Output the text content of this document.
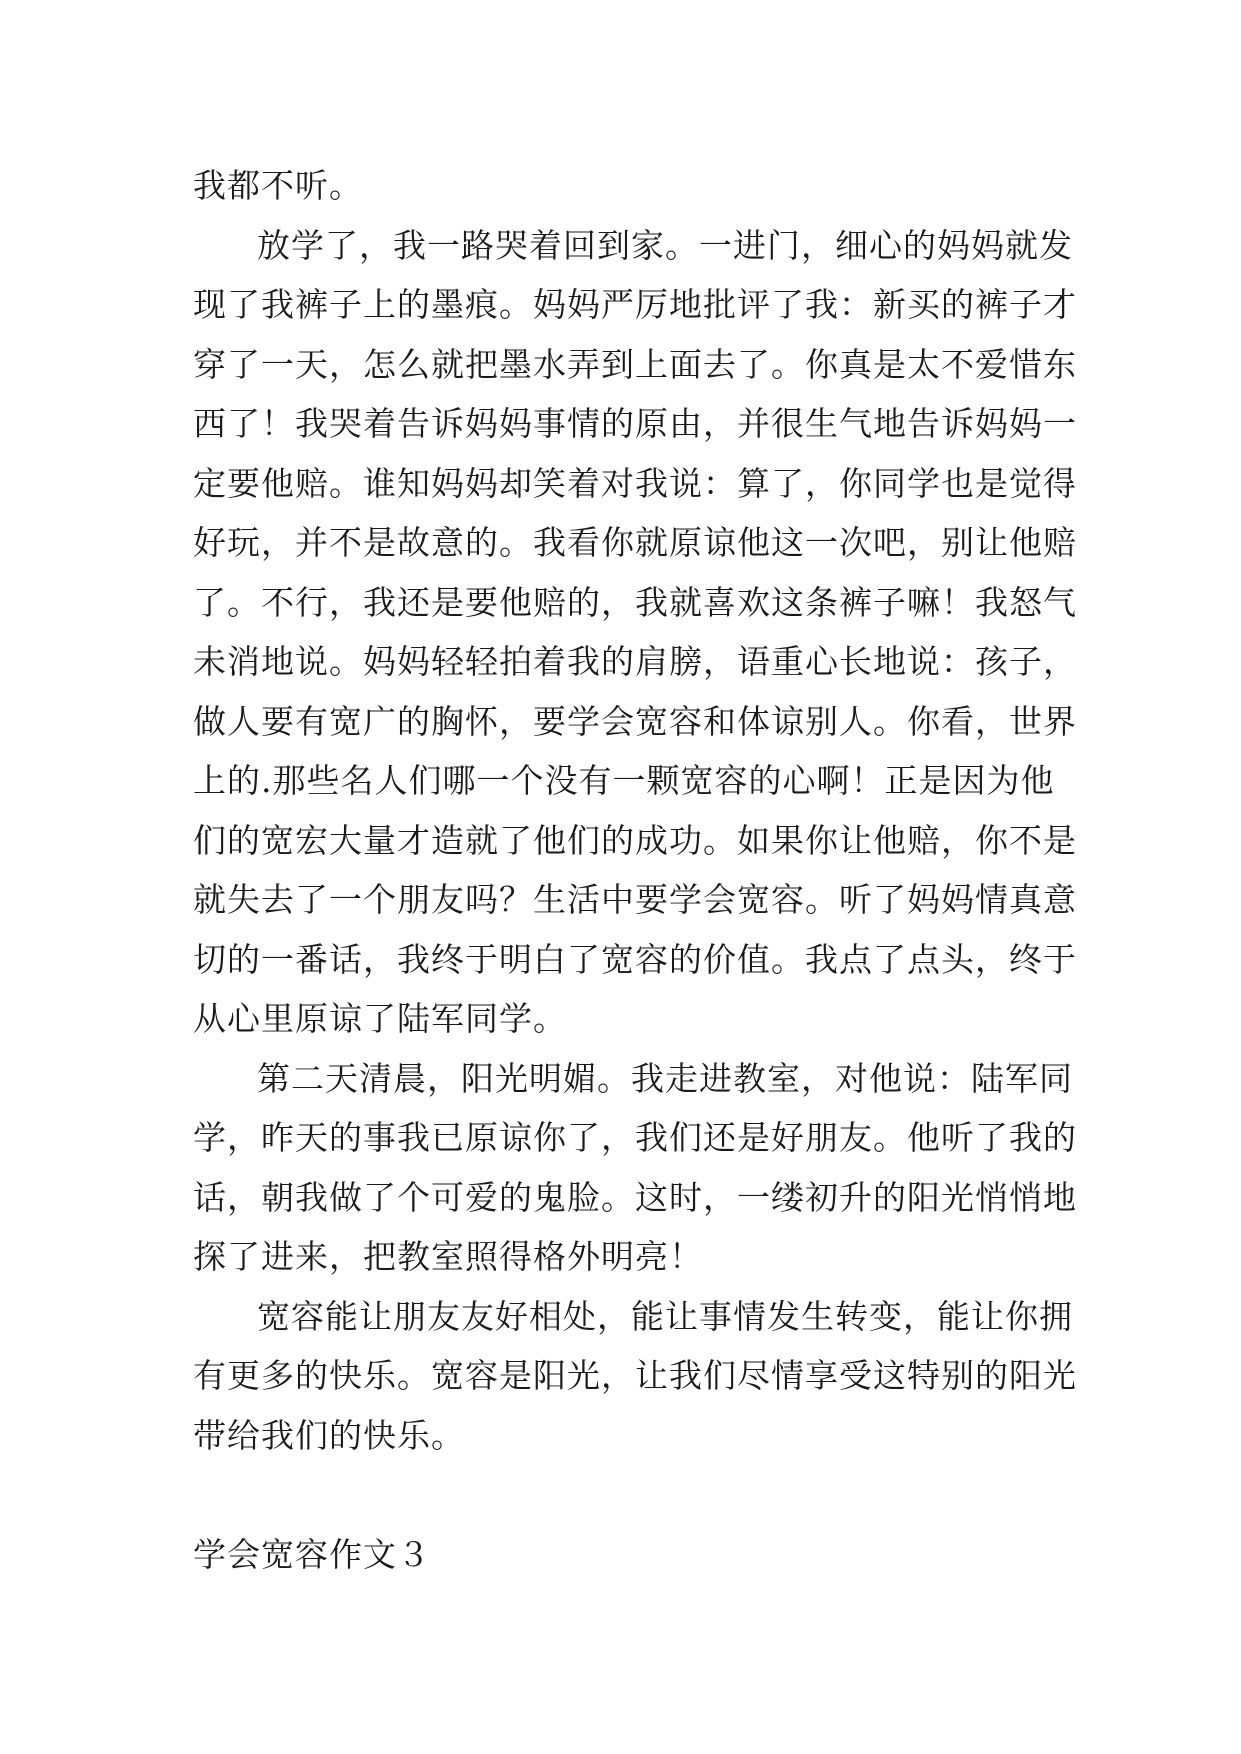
我都不听。
放学了，我一路哭着回到家。一进门，细心的妈妈就发
现了我裤子上的墨痕。妈妈严厉地批评了我：新买的裤子才
穿了一天，怎么就把墨水弄到上面去了。你真是太不爱惜东
西了！我哭着告诉妈妈事情的原由，并很生气地告诉妈妈一
定要他赔。谁知妈妈却笑着对我说：算了，你同学也是觉得
好玩，并不是故意的。我看你就原谅他这一次吧，别让他赔
了。不行，我还是要他赔的，我就喜欢这条裤子嘛！我怒气
未消地说。妈妈轻轻拍着我的肩膀，语重心长地说：孩子，
做人要有宽广的胸怀，要学会宽容和体谅别人。你看，世界
上的.那些名人们哪一个没有一颗宽容的心啊！正是因为他
们的宽宏大量才造就了他们的成功。如果你让他赔，你不是
就失去了一个朋友吗？生活中要学会宽容。听了妈妈情真意
切的一番话，我终于明白了宽容的价值。我点了点头，终于
从心里原谅了陆军同学。
第二天清晨，阳光明媚。我走进教室，对他说：陆军同
学，昨天的事我已原谅你了，我们还是好朋友。他听了我的
话，朝我做了个可爱的鬼脸。这时，一缕初升的阳光悄悄地
探了进来，把教室照得格外明亮！
宽容能让朋友友好相处，能让事情发生转变，能让你拥
有更多的快乐。宽容是阳光，让我们尽情享受这特别的阳光
带给我们的快乐。
学会宽容作文３
